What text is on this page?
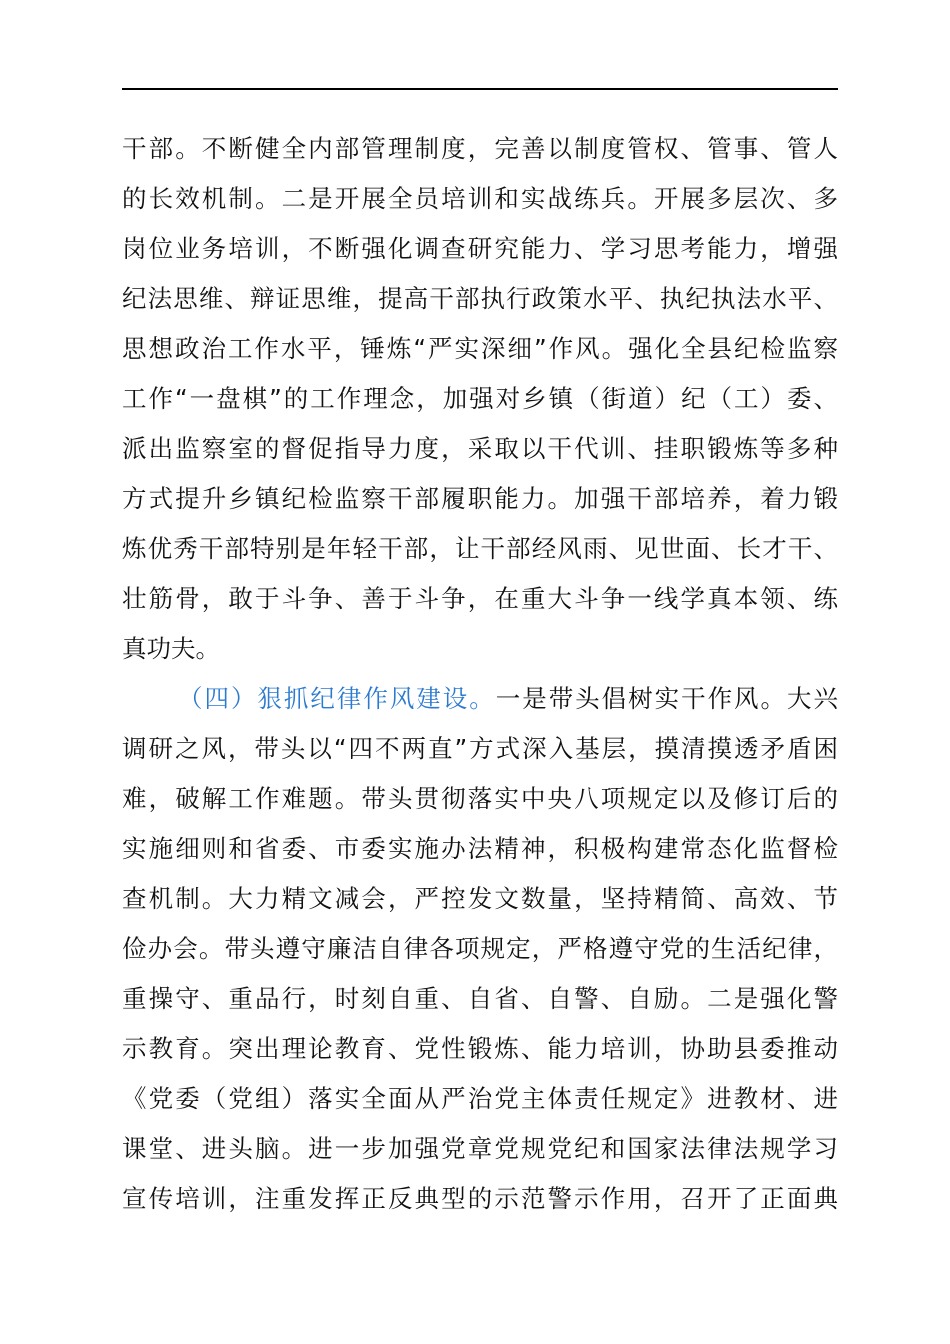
干部。不断健全内部管理制度，完善以制度管权、管事、管人
的长效机制。二是开展全员培训和实战练兵。开展多层次、多
岗位业务培训，不断强化调查研究能力、学习思考能力，增强
纪法思维、辩证思维，提高干部执行政策水平、执纪执法水平、
思想政治工作水平，锤炼“严实深细”作风。强化全县纪检监察
工作“一盘棋”的工作理念，加强对乡镇（街道）纪（工）委、
派出监察室的督促指导力度，采取以干代训、挂职锻炼等多种
方式提升乡镇纪检监察干部履职能力。加强干部培养，着力锻
炼优秀干部特别是年轻干部，让干部经风雨、见世面、长才干、
壮筋骨，敢于斗争、善于斗争，在重大斗争一线学真本领、练
真功夫。
（四）狠抓纪律作风建设。一是带头倡树实干作风。大兴
调研之风，带头以“四不两直”方式深入基层，摸清摸透矛盾困
难，破解工作难题。带头贯彻落实中央八项规定以及修订后的
实施细则和省委、市委实施办法精神，积极构建常态化监督检
查机制。大力精文减会，严控发文数量，坚持精简、高效、节
俭办会。带头遵守廉洁自律各项规定，严格遵守党的生活纪律，
重操守、重品行，时刻自重、自省、自警、自励。二是强化警
示教育。突出理论教育、党性锻炼、能力培训，协助县委推动
《党委（党组）落实全面从严治党主体责任规定》进教材、进
课堂、进头脑。进一步加强党章党规党纪和国家法律法规学习
宣传培训，注重发挥正反典型的示范警示作用，召开了正面典
